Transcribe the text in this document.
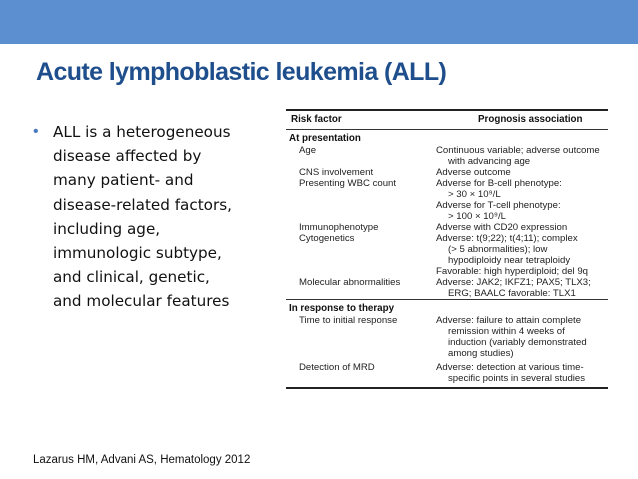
Acute lymphoblastic leukemia (ALL)
• ALL is a heterogeneous
disease affected by
many patient- and
disease-related factors,
including age,
immunologic subtype,
and clinical, genetic,
and molecular features

Risk factor	Prognosis association
At presentation
Age	Continuous variable; adverse outcome
with advancing age
CNS involvement	Adverse outcome
Presenting WBC count	Adverse for B-cell phenotype:
> 30 × 10⁹/L
Adverse for T-cell phenotype:
> 100 × 10⁹/L
Immunophenotype	Adverse with CD20 expression
Cytogenetics	Adverse: t(9;22); t(4;11); complex
(> 5 abnormalities); low
hypodiploidy near tetraploidy
Favorable: high hyperdiploid; del 9q
Molecular abnormalities	Adverse: JAK2; IKFZ1; PAX5; TLX3;
ERG; BAALC favorable: TLX1
In response to therapy
Time to initial response	Adverse: failure to attain complete
remission within 4 weeks of
induction (variably demonstrated
among studies)
Detection of MRD	Adverse: detection at various time-
specific points in several studies
Lazarus HM, Advani AS, Hematology 2012
